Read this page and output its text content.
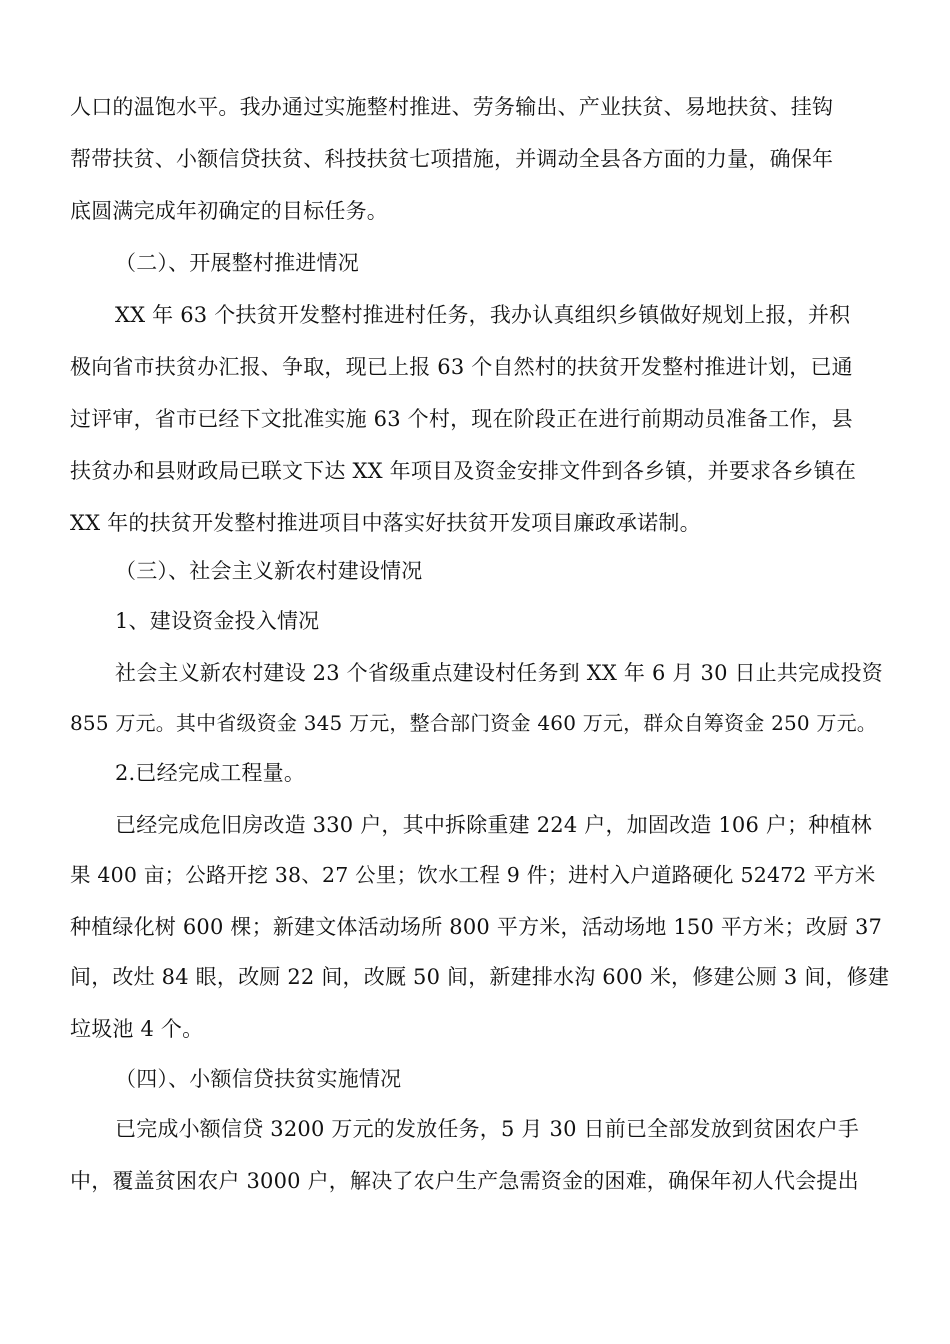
人口的温饱水平。我办通过实施整村推进、劳务输出、产业扶贫、易地扶贫、挂钩
帮带扶贫、小额信贷扶贫、科技扶贫七项措施，并调动全县各方面的力量，确保年
底圆满完成年初确定的目标任务。
（二）、开展整村推进情况
XX 年 63 个扶贫开发整村推进村任务，我办认真组织乡镇做好规划上报，并积
极向省市扶贫办汇报、争取，现已上报 63 个自然村的扶贫开发整村推进计划，已通
过评审，省市已经下文批准实施 63 个村，现在阶段正在进行前期动员准备工作，县
扶贫办和县财政局已联文下达 XX 年项目及资金安排文件到各乡镇，并要求各乡镇在
XX 年的扶贫开发整村推进项目中落实好扶贫开发项目廉政承诺制。
（三）、社会主义新农村建设情况
1、建设资金投入情况
社会主义新农村建设 23 个省级重点建设村任务到 XX 年 6 月 30 日止共完成投资
855 万元。其中省级资金 345 万元，整合部门资金 460 万元，群众自筹资金 250 万元。
2.已经完成工程量。
已经完成危旧房改造 330 户，其中拆除重建 224 户，加固改造 106 户；种植林
果 400 亩；公路开挖 38、27 公里；饮水工程 9 件；进村入户道路硬化 52472 平方米
种植绿化树 600 棵；新建文体活动场所 800 平方米，活动场地 150 平方米；改厨 37
间，改灶 84 眼，改厕 22 间，改厩 50 间，新建排水沟 600 米，修建公厕 3 间，修建
垃圾池 4 个。
（四）、小额信贷扶贫实施情况
已完成小额信贷 3200 万元的发放任务，5 月 30 日前已全部发放到贫困农户手
中，覆盖贫困农户 3000 户，解决了农户生产急需资金的困难，确保年初人代会提出
